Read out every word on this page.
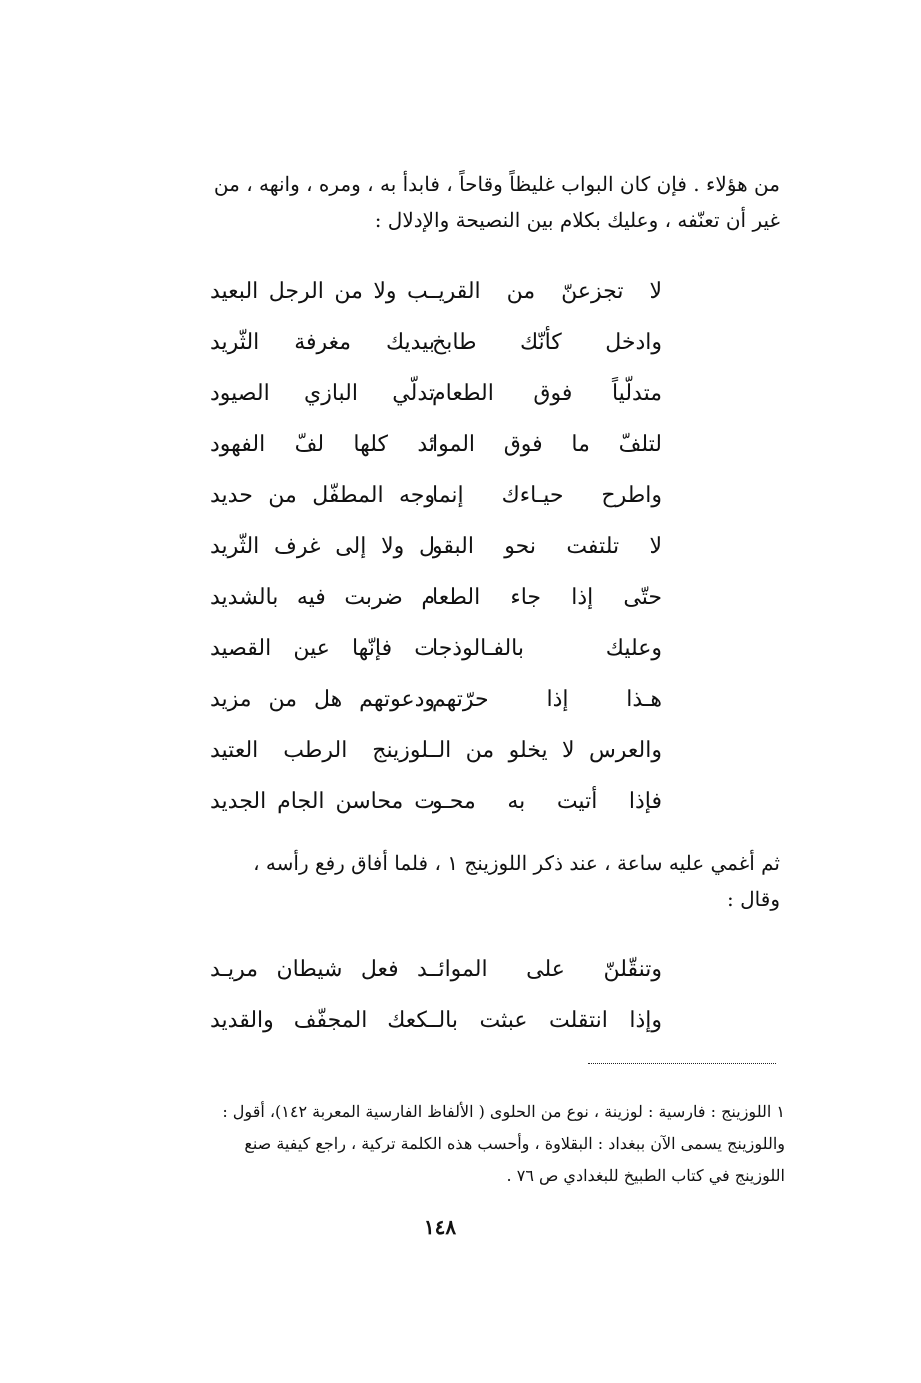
من هؤلاء . فإن كان البواب غليظاً وقاحاً ، فابدأ به ، ومره ، وانهه ، من
غير أن تعنّفه ، وعليك بكلام بين النصيحة والإدلال :
لا تجزعنّ من القريـ
ـب ولا من الرجل البعيد
وادخل كأنّك طابخ
بيديك مغرفة الثّريد
متدلّياً فوق الطعام
تدلّي البازي الصيود
لتلفّ ما فوق الموا
ئد كلها لفّ الفهود
واطرح حيـاءك إنما
وجه المطفّل من حديد
لا تلتفت نحو البقو
ل ولا إلى غرف الثّريد
حتّى إذا جاء الطعا
م ضربت فيه بالشديد
وعليك بالفـالوذجا
ت فإنّها عين القصيد
هـذا إذا حرّتهم
ودعوتهم هل من مزيد
والعرس لا يخلو من الـ
ـلوزينج الرطب العتيد
فإذا أتيت به محـو
ت محاسن الجام الجديد
ثم أغمي عليه ساعة ، عند ذكر اللوزينج ١ ، فلما أفاق رفع رأسه ،
وقال :
وتنقّلنّ على الموائـ
ـد فعل شيطان مريـد
وإذا انتقلت عبثت بالـ
ـكعك المجفّف والقديد
١ اللوزينج : فارسية : لوزينة ، نوع من الحلوى ( الألفاظ الفارسية المعربة ١٤٢)، أقول :
واللوزينج يسمى الآن ببغداد : البقلاوة ، وأحسب هذه الكلمة تركية ، راجع كيفية صنع
اللوزينج في كتاب الطبيخ للبغدادي ص ٧٦ .
١٤٨
